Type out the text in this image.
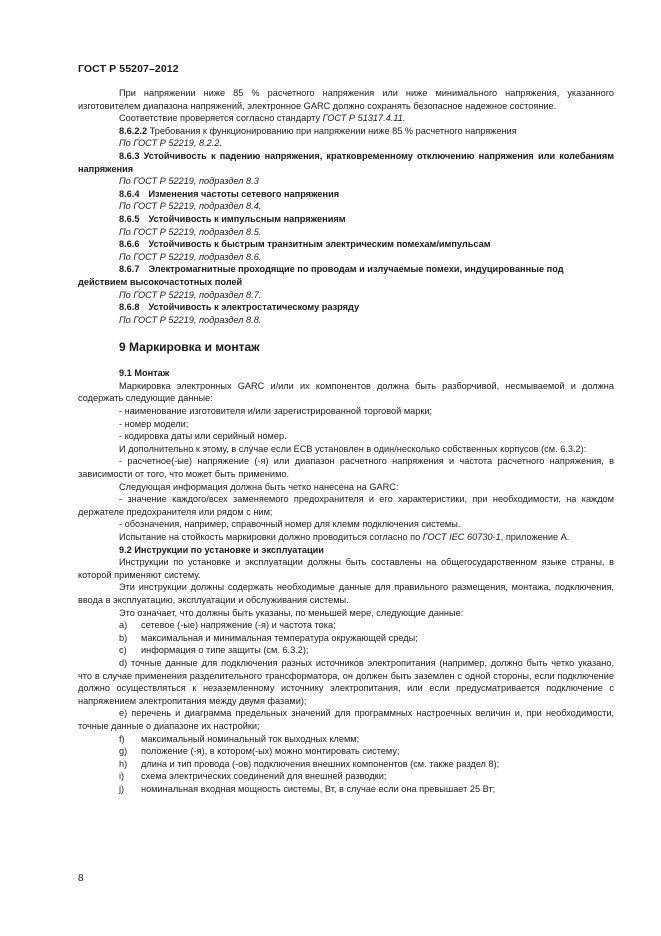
ГОСТ Р 55207–2012

При напряжении ниже 85 % расчетного напряжения или ниже минимального напряжения, указанного изготовителем диапазона напряжений, электронное GARC должно сохранять безопасное надежное состояние.

Соответствие проверяется согласно стандарту ГОСТ Р 51317.4.11.

8.6.2.2 Требования к функционированию при напряжении ниже 85 % расчетного напряжения

По ГОСТ Р 52219, 8.2.2.

8.6.3 Устойчивость к падению напряжения, кратковременному отключению напряжения или колебаниям напряжения

По ГОСТ Р 52219, подраздел 8.3

8.6.4 Изменения частоты сетевого напряжения

По ГОСТ Р 52219, подраздел 8.4.

8.6.5 Устойчивость к импульсным напряжениям

По ГОСТ Р 52219, подраздел 8.5.

8.6.6 Устойчивость к быстрым транзитным электрическим помехам/импульсам

По ГОСТ Р 52219, подраздел 8.6.

8.6.7 Электромагнитные проходящие по проводам и излучаемые помехи, индуцированные под действием высокочастотных полей

По ГОСТ Р 52219, подраздел 8.7.

8.6.8 Устойчивость к электростатическому разряду

По ГОСТ Р 52219, подраздел 8.8.

9 Маркировка и монтаж

9.1 Монтаж

Маркировка электронных GARC и/или их компонентов должна быть разборчивой, несмываемой и должна содержать следующие данные:

- наименование изготовителя и/или зарегистрированной торговой марки;

- номер модели;

- кодировка даты или серийный номер.

И дополнительно к этому, в случае если ECB установлен в один/несколько собственных корпусов (см. 6.3.2):

- расчетное(-ые) напряжение (-я) или диапазон расчетного напряжения и частота расчетного напряжения, в зависимости от того, что может быть применимо.

Следующая информация должна быть четко нанесена на GARC:

- значение каждого/всех заменяемого предохранителя и его характеристики, при необходимости, на каждом держателе предохранителя или рядом с ним;

- обозначения, например, справочный номер для клемм подключения системы.

Испытание на стойкость маркировки должно проводиться согласно по ГОСТ IEC 60730-1, приложение А.

9.2 Инструкции по установке и эксплуатации

Инструкции по установке и эксплуатации должны быть составлены на общегосударственном языке страны, в которой применяют систему.

Эти инструкции должны содержать необходимые данные для правильного размещения, монтажа, подключения, ввода в эксплуатацию, эксплуатации и обслуживания системы.

Это означает, что должны быть указаны, по меньшей мере, следующие данные:

a)	сетевое (-ые) напряжение (-я) и частота тока;

b)	максимальная и минимальная температура окружающей среды;

c)	информация о типе защиты (см. 6.3.2);

d) точные данные для подключения разных источников электропитания (например, должно быть четко указано, что в случае применения разделительного трансформатора, он должен быть заземлен с одной стороны, если подключение должно осуществляться к незаземленному источнику электропитания, или если предусматривается подключение с напряжением электропитания между двумя фазами);

e) перечень и диаграмма предельных значений для программных настроечных величин и, при необходимости, точные данные о диапазоне их настройки;

f)	максимальный номинальный ток выходных клемм;

g)	положение (-я), в котором(-ых) можно монтировать систему;

h)	длина и тип провода (-ов) подключения внешних компонентов (см. также раздел 8);

i)	схема электрических соединений для внешней разводки;

j)	номинальная входная мощность системы, Вт, в случае если она превышает 25 Вт;

8
